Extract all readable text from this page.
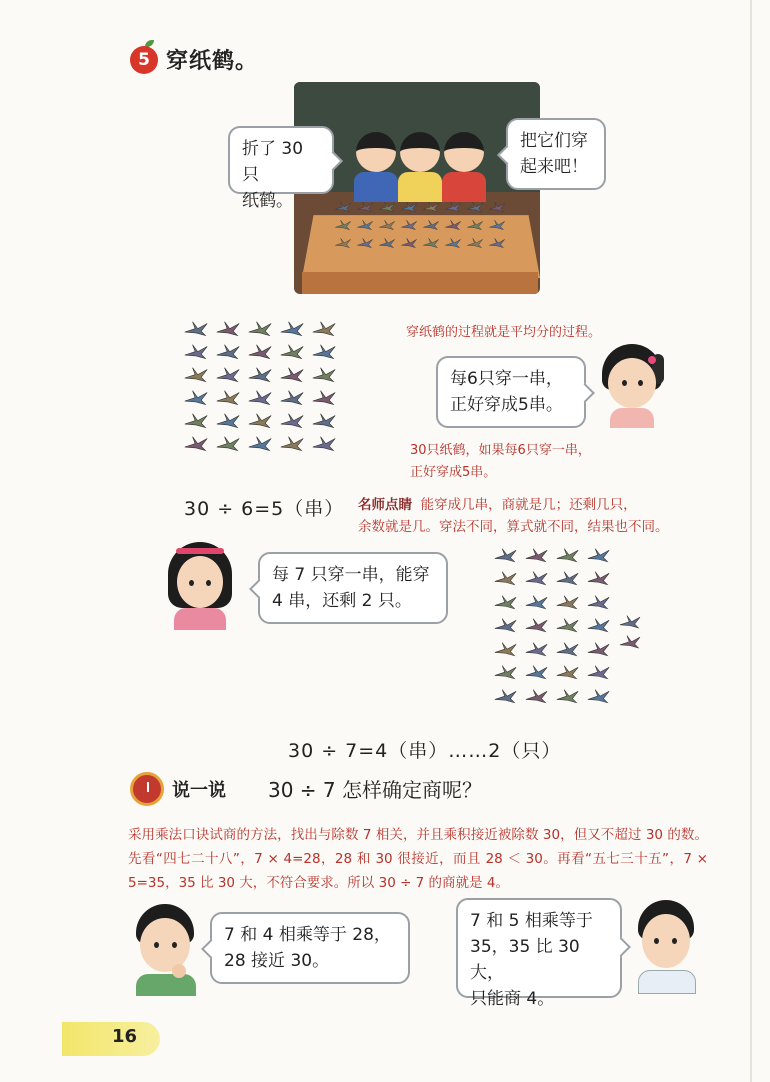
5 穿纸鹤。
折了 30 只
纸鹤。
把它们穿
起来吧！
穿纸鹤的过程就是平均分的过程。
每6只穿一串，
正好穿成5串。
30只纸鹤，如果每6只穿一串，
正好穿成5串。
30 ÷ 6=5（串） 名师点睛 能穿成几串，商就是几；还剩几只，
余数就是几。穿法不同，算式就不同，结果也不同。
每 7 只穿一串，能穿
4 串，还剩 2 只。
30 ÷ 7=4（串）……2（只）
说一说 30 ÷ 7 怎样确定商呢？
采用乘法口诀试商的方法，找出与除数 7 相关，并且乘积接近被除数 30，但又不超过 30 的数。先看“四七二十八”，7 × 4=28，28 和 30 很接近，而且 28 ＜ 30。再看“五七三十五”，7 × 5=35，35 比 30 大，不符合要求。所以 30 ÷ 7 的商就是 4。
7 和 4 相乘等于 28，
28 接近 30。
7 和 5 相乘等于
35，35 比 30 大，
只能商 4。
16
